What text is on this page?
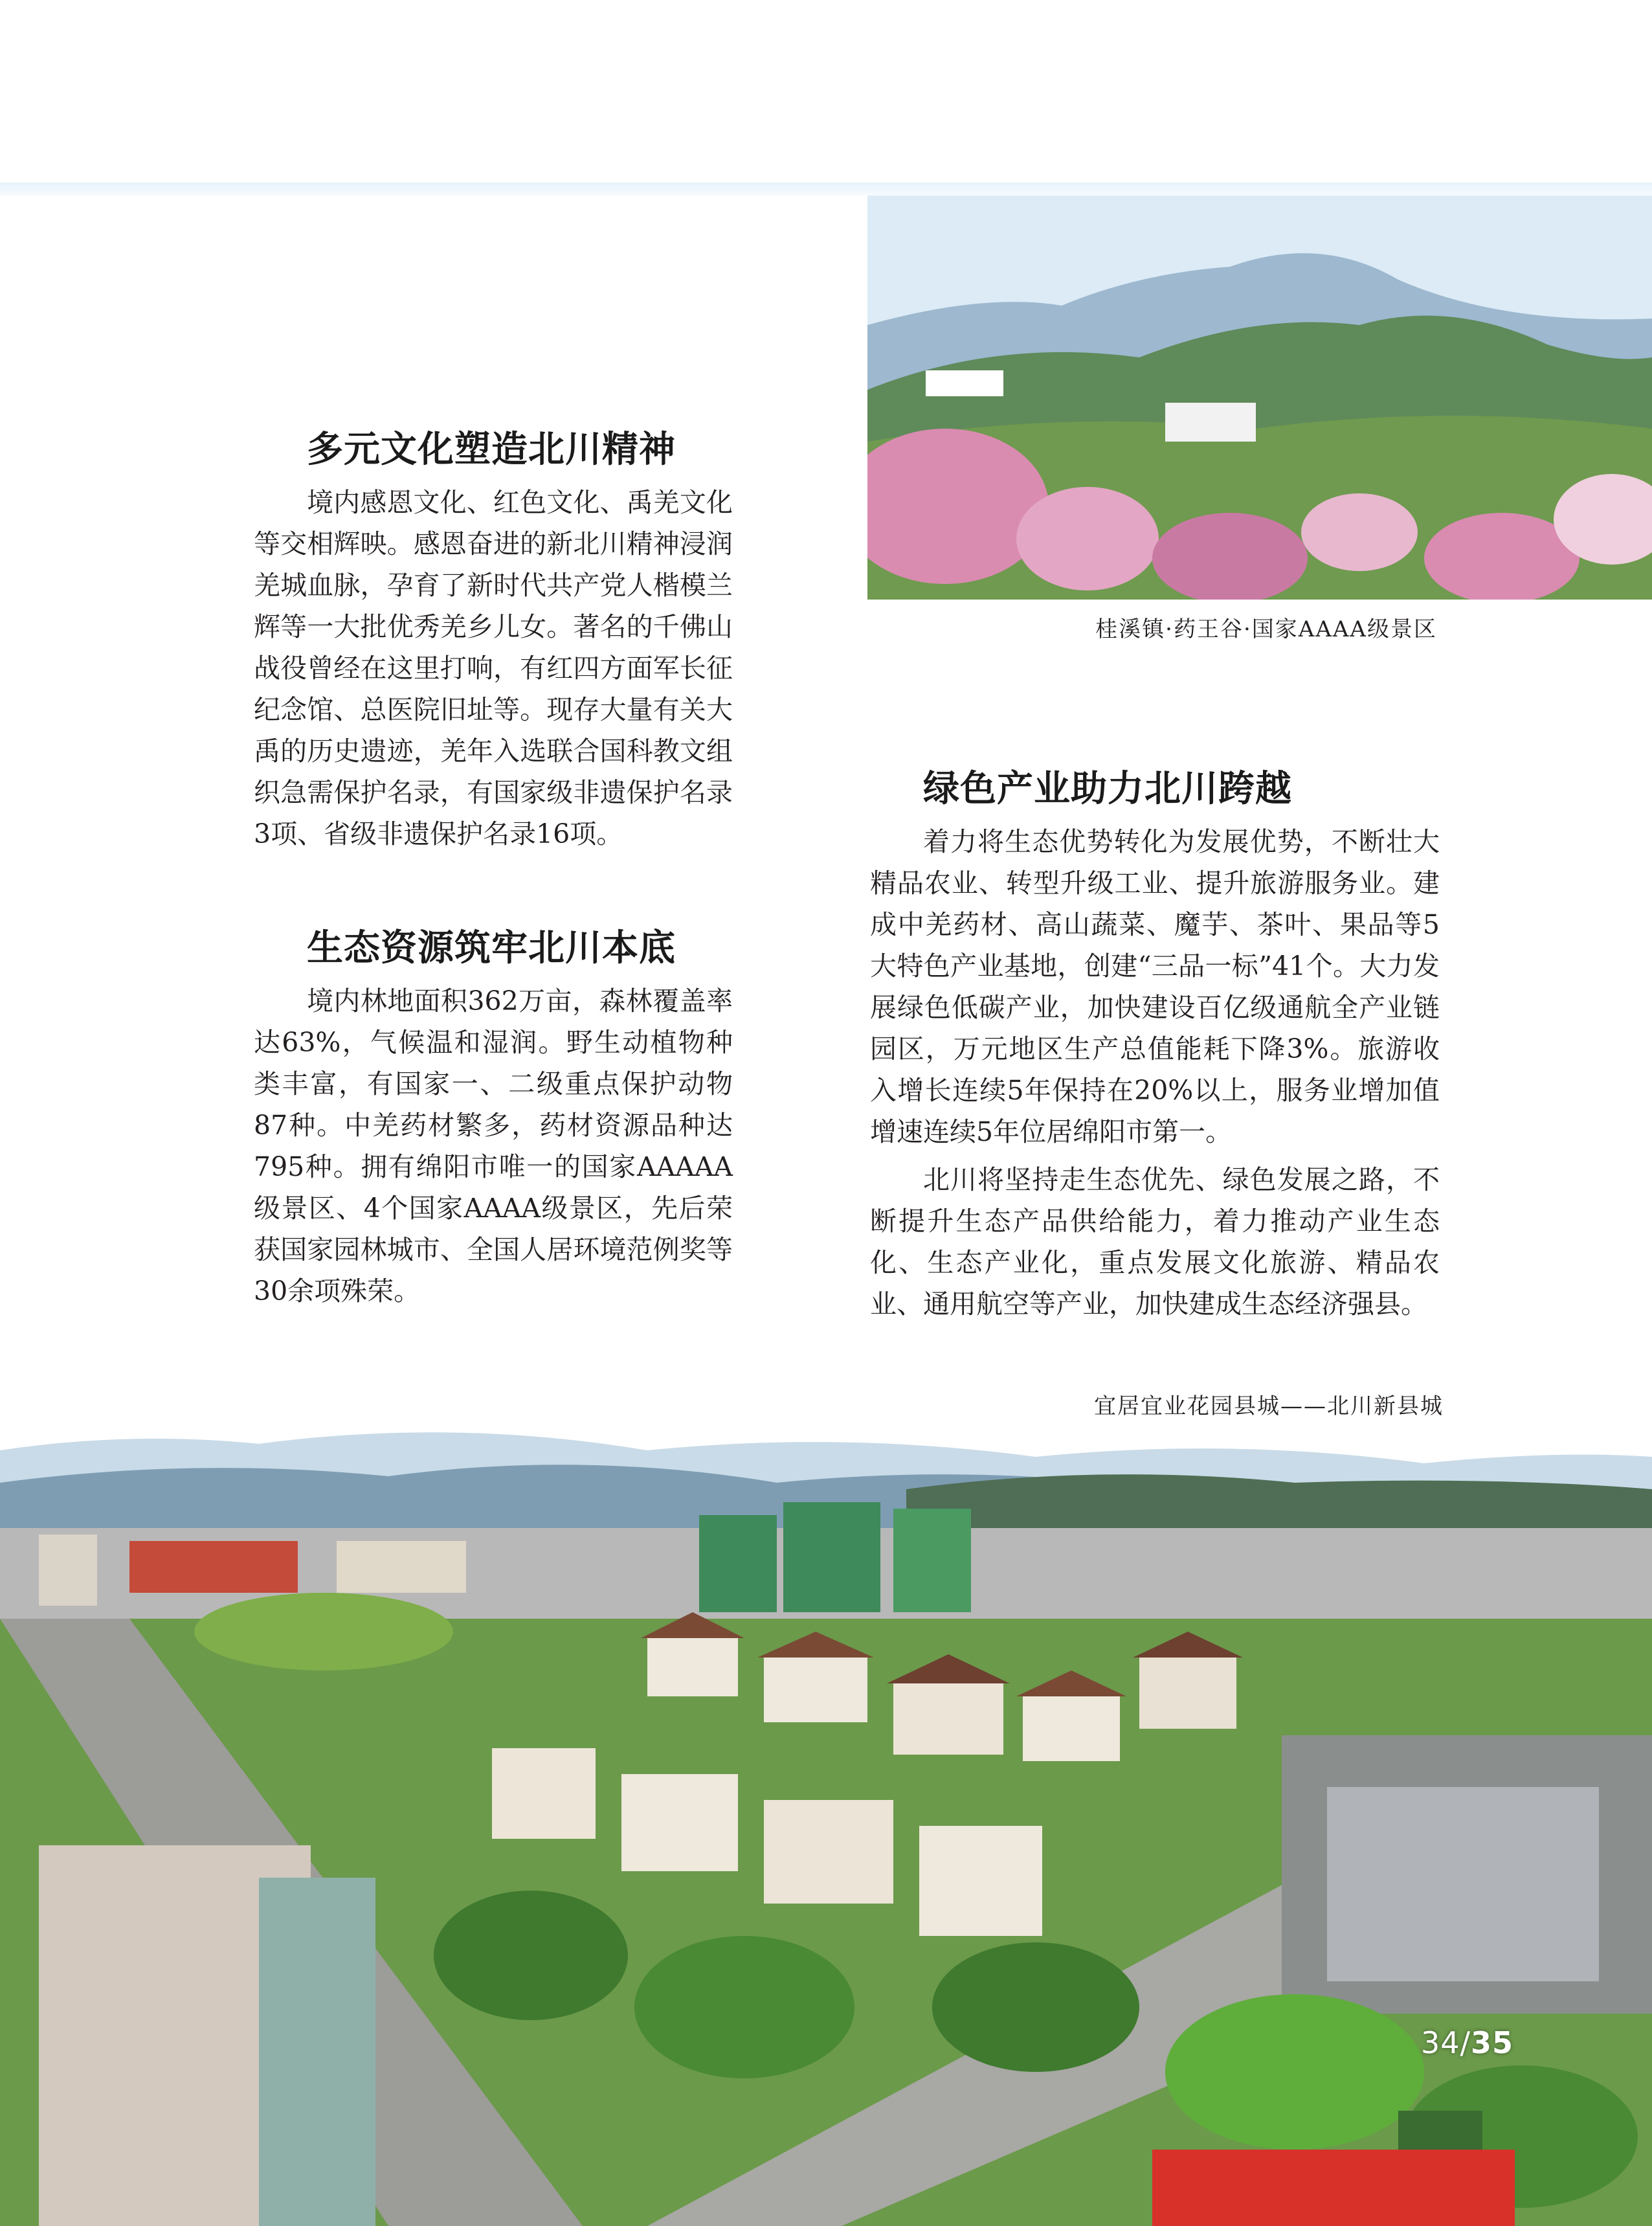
桂溪镇·药王谷·国家AAAA级景区
多元文化塑造北川精神

境内感恩文化、红色文化、禹羌文化等交相辉映。感恩奋进的新北川精神浸润羌城血脉，孕育了新时代共产党人楷模兰辉等一大批优秀羌乡儿女。著名的千佛山战役曾经在这里打响，有红四方面军长征纪念馆、总医院旧址等。现存大量有关大禹的历史遗迹，羌年入选联合国科教文组织急需保护名录，有国家级非遗保护名录3项、省级非遗保护名录16项。

生态资源筑牢北川本底

境内林地面积362万亩，森林覆盖率达63%，气候温和湿润。野生动植物种类丰富，有国家一、二级重点保护动物87种。中羌药材繁多，药材资源品种达795种。拥有绵阳市唯一的国家AAAAA级景区、4个国家AAAA级景区，先后荣获国家园林城市、全国人居环境范例奖等30余项殊荣。

绿色产业助力北川跨越

着力将生态优势转化为发展优势，不断壮大精品农业、转型升级工业、提升旅游服务业。建成中羌药材、高山蔬菜、魔芋、茶叶、果品等5大特色产业基地，创建“三品一标”41个。大力发展绿色低碳产业，加快建设百亿级通航全产业链园区，万元地区生产总值能耗下降3%。旅游收入增长连续5年保持在20%以上，服务业增加值增速连续5年位居绵阳市第一。

北川将坚持走生态优先、绿色发展之路，不断提升生态产品供给能力，着力推动产业生态化、生态产业化，重点发展文化旅游、精品农业、通用航空等产业，加快建成生态经济强县。

宜居宜业花园县城——北川新县城
34/35
